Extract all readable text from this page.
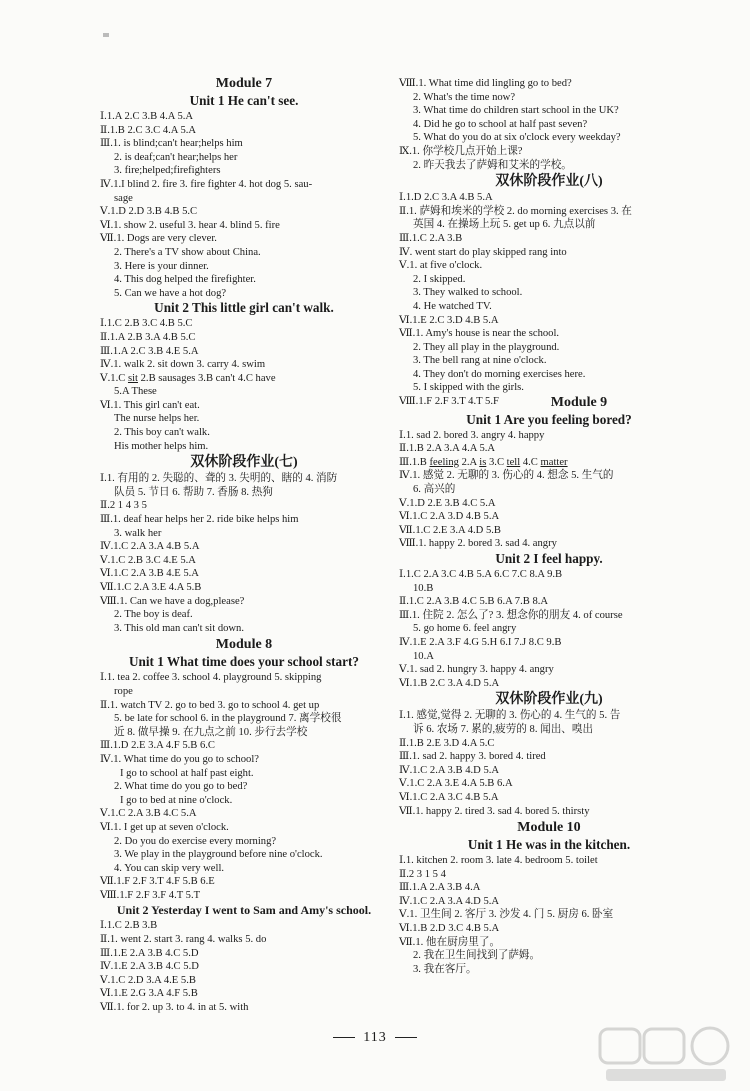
Module 7
Unit 1 He can't see.
Ⅰ.1.A 2.C 3.B 4.A 5.A
Ⅱ.1.B 2.C 3.C 4.A 5.A
Ⅲ.1. is blind;can't hear;helps him
2. is deaf;can't hear;helps her
3. fire;helped;firefighters
Ⅳ.1.I blind 2. fire 3. fire fighter 4. hot dog 5. sau-
sage
Ⅴ.1.D 2.D 3.B 4.B 5.C
Ⅵ.1. show 2. useful 3. hear 4. blind 5. fire
Ⅶ.1. Dogs are very clever.
2. There's a TV show about China.
3. Here is your dinner.
4. This dog helped the firefighter.
5. Can we have a hot dog?
Unit 2 This little girl can't walk.
Ⅰ.1.C 2.B 3.C 4.B 5.C
Ⅱ.1.A 2.B 3.A 4.B 5.C
Ⅲ.1.A 2.C 3.B 4.E 5.A
Ⅳ.1. walk 2. sit down 3. carry 4. swim
Ⅴ.1.C sit 2.B sausages 3.B can't 4.C have
5.A These
Ⅵ.1. This girl can't eat.
The nurse helps her.
2. This boy can't walk.
His mother helps him.
双休阶段作业(七)
Ⅰ.1. 有用的 2. 失聪的、聋的 3. 失明的、瞎的 4. 消防
队员 5. 节日 6. 帮助 7. 香肠 8. 热狗
Ⅱ.2 1 4 3 5
Ⅲ.1. deaf hear helps her 2. ride bike helps him
3. walk her
Ⅳ.1.C 2.A 3.A 4.B 5.A
Ⅴ.1.C 2.B 3.C 4.E 5.A
Ⅵ.1.C 2.A 3.B 4.E 5.A
Ⅶ.1.C 2.A 3.E 4.A 5.B
Ⅷ.1. Can we have a dog,please?
2. The boy is deaf.
3. This old man can't sit down.
Module 8
Unit 1 What time does your school start?
Ⅰ.1. tea 2. coffee 3. school 4. playground 5. skipping
rope
Ⅱ.1. watch TV 2. go to bed 3. go to school 4. get up
5. be late for school 6. in the playground 7. 离学校很
近 8. 做早操 9. 在九点之前 10. 步行去学校
Ⅲ.1.D 2.E 3.A 4.F 5.B 6.C
Ⅳ.1. What time do you go to school?
I go to school at half past eight.
2. What time do you go to bed?
I go to bed at nine o'clock.
Ⅴ.1.C 2.A 3.B 4.C 5.A
Ⅵ.1. I get up at seven o'clock.
2. Do you do exercise every morning?
3. We play in the playground before nine o'clock.
4. You can skip very well.
Ⅶ.1.F 2.F 3.T 4.F 5.B 6.E
Ⅷ.1.F 2.F 3.F 4.T 5.T
Unit 2 Yesterday I went to Sam and Amy's school.
Ⅰ.1.C 2.B 3.B
Ⅱ.1. went 2. start 3. rang 4. walks 5. do
Ⅲ.1.E 2.A 3.B 4.C 5.D
Ⅳ.1.E 2.A 3.B 4.C 5.D
Ⅴ.1.C 2.D 3.A 4.E 5.B
Ⅵ.1.E 2.G 3.A 4.F 5.B
Ⅶ.1. for 2. up 3. to 4. in at 5. with
Ⅷ.1. What time did lingling go to bed?
2. What's the time now?
3. What time do children start school in the UK?
4. Did he go to school at half past seven?
5. What do you do at six o'clock every weekday?
Ⅸ.1. 你学校几点开始上课?
2. 昨天我去了萨姆和艾米的学校。
双休阶段作业(八)
Ⅰ.1.D 2.C 3.A 4.B 5.A
Ⅱ.1. 萨姆和埃米的学校 2. do morning exercises 3. 在
英国 4. 在操场上玩 5. get up 6. 九点以前
Ⅲ.1.C 2.A 3.B
Ⅳ. went start do play skipped rang into
Ⅴ.1. at five o'clock.
2. I skipped.
3. They walked to school.
4. He watched TV.
Ⅵ.1.E 2.C 3.D 4.B 5.A
Ⅶ.1. Amy's house is near the school.
2. They all play in the playground.
3. The bell rang at nine o'clock.
4. They don't do morning exercises here.
5. I skipped with the girls.
Ⅷ.1.F 2.F 3.T 4.T 5.F	Module 9
Unit 1 Are you feeling bored?
Ⅰ.1. sad 2. bored 3. angry 4. happy
Ⅱ.1.B 2.A 3.A 4.A 5.A
Ⅲ.1.B feeling 2.A is 3.C tell 4.C matter
Ⅳ.1. 感觉 2. 无聊的 3. 伤心的 4. 想念 5. 生气的
6. 高兴的
Ⅴ.1.D 2.E 3.B 4.C 5.A
Ⅵ.1.C 2.A 3.D 4.B 5.A
Ⅶ.1.C 2.E 3.A 4.D 5.B
Ⅷ.1. happy 2. bored 3. sad 4. angry
Unit 2 I feel happy.
Ⅰ.1.C 2.A 3.C 4.B 5.A 6.C 7.C 8.A 9.B
10.B
Ⅱ.1.C 2.A 3.B 4.C 5.B 6.A 7.B 8.A
Ⅲ.1. 住院 2. 怎么了? 3. 想念你的朋友 4. of course
5. go home 6. feel angry
Ⅳ.1.E 2.A 3.F 4.G 5.H 6.I 7.J 8.C 9.B
10.A
Ⅴ.1. sad 2. hungry 3. happy 4. angry
Ⅵ.1.B 2.C 3.A 4.D 5.A
双休阶段作业(九)
Ⅰ.1. 感觉,觉得 2. 无聊的 3. 伤心的 4. 生气的 5. 告
诉 6. 农场 7. 累的,疲劳的 8. 闻出、嗅出
Ⅱ.1.B 2.E 3.D 4.A 5.C
Ⅲ.1. sad 2. happy 3. bored 4. tired
Ⅳ.1.C 2.A 3.B 4.D 5.A
Ⅴ.1.C 2.A 3.E 4.A 5.B 6.A
Ⅵ.1.C 2.A 3.C 4.B 5.A
Ⅶ.1. happy 2. tired 3. sad 4. bored 5. thirsty
Module 10
Unit 1 He was in the kitchen.
Ⅰ.1. kitchen 2. room 3. late 4. bedroom 5. toilet
Ⅱ.2 3 1 5 4
Ⅲ.1.A 2.A 3.B 4.A
Ⅳ.1.C 2.A 3.A 4.D 5.A
Ⅴ.1. 卫生间 2. 客厅 3. 沙发 4. 门 5. 厨房 6. 卧室
Ⅵ.1.B 2.D 3.C 4.B 5.A
Ⅶ.1. 他在厨房里了。
2. 我在卫生间找到了萨姆。
3. 我在客厅。
113
